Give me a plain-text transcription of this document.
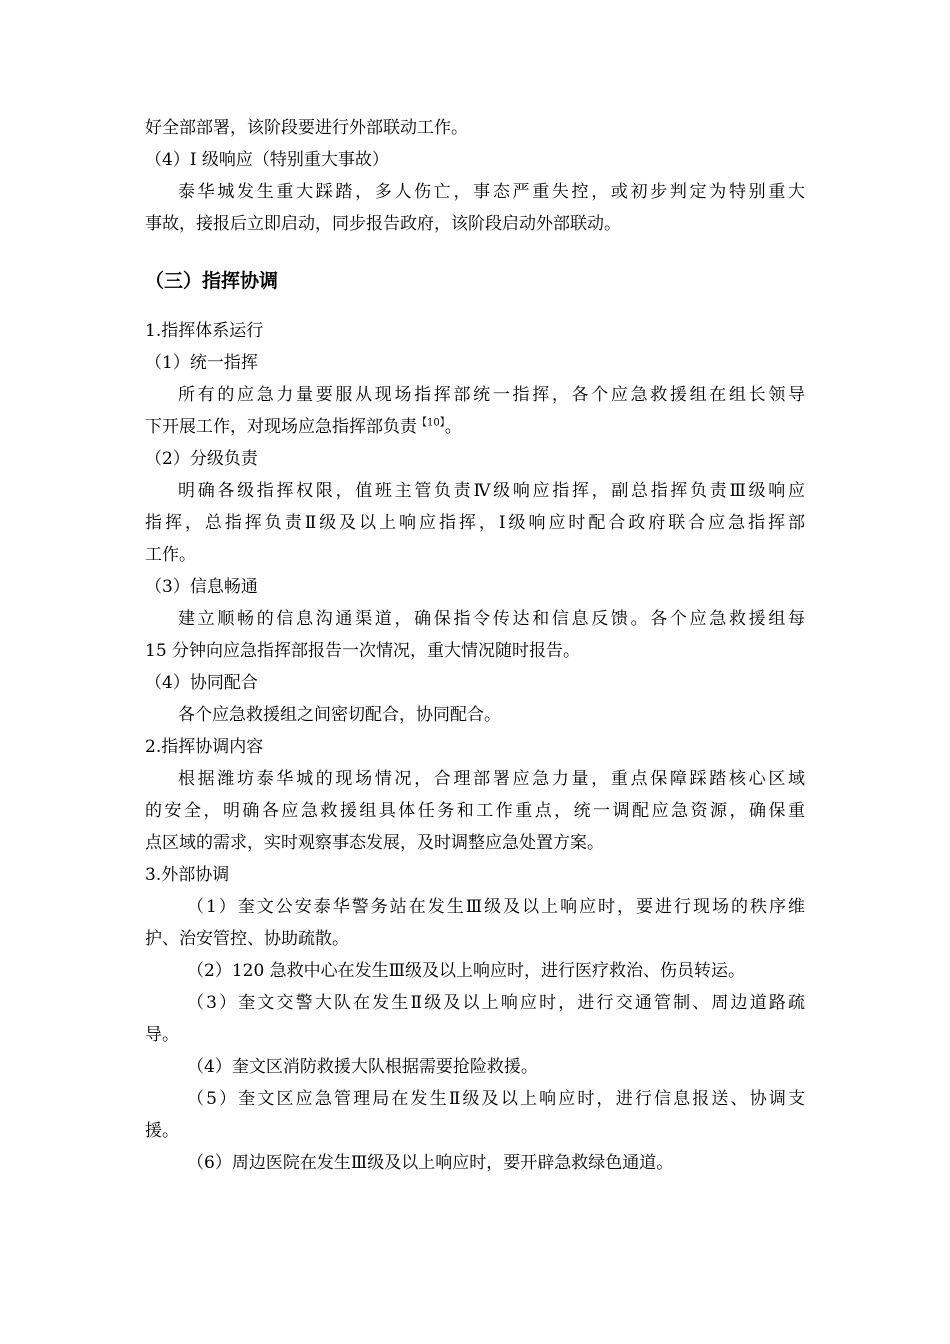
好全部部署，该阶段要进行外部联动工作。
（4）I 级响应（特别重大事故）
泰华城发生重大踩踏，多人伤亡，事态严重失控，或初步判定为特别重大
事故，接报后立即启动，同步报告政府，该阶段启动外部联动。
（三）指挥协调
1.指挥体系运行
（1）统一指挥
所有的应急力量要服从现场指挥部统一指挥，各个应急救援组在组长领导
下开展工作，对现场应急指挥部负责$^{【10】}$。
（2）分级负责
明确各级指挥权限，值班主管负责Ⅳ级响应指挥，副总指挥负责Ⅲ级响应
指挥，总指挥负责Ⅱ级及以上响应指挥，Ⅰ级响应时配合政府联合应急指挥部
工作。
（3）信息畅通
建立顺畅的信息沟通渠道，确保指令传达和信息反馈。各个应急救援组每
15 分钟向应急指挥部报告一次情况，重大情况随时报告。
（4）协同配合
各个应急救援组之间密切配合，协同配合。
2.指挥协调内容
根据潍坊泰华城的现场情况，合理部署应急力量，重点保障踩踏核心区域
的安全，明确各应急救援组具体任务和工作重点，统一调配应急资源，确保重
点区域的需求，实时观察事态发展，及时调整应急处置方案。
3.外部协调
（1）奎文公安泰华警务站在发生Ⅲ级及以上响应时，要进行现场的秩序维
护、治安管控、协助疏散。
（2）120 急救中心在发生Ⅲ级及以上响应时，进行医疗救治、伤员转运。
（3）奎文交警大队在发生Ⅱ级及以上响应时，进行交通管制、周边道路疏
导。
（4）奎文区消防救援大队根据需要抢险救援。
（5）奎文区应急管理局在发生Ⅱ级及以上响应时，进行信息报送、协调支
援。
（6）周边医院在发生Ⅲ级及以上响应时，要开辟急救绿色通道。
